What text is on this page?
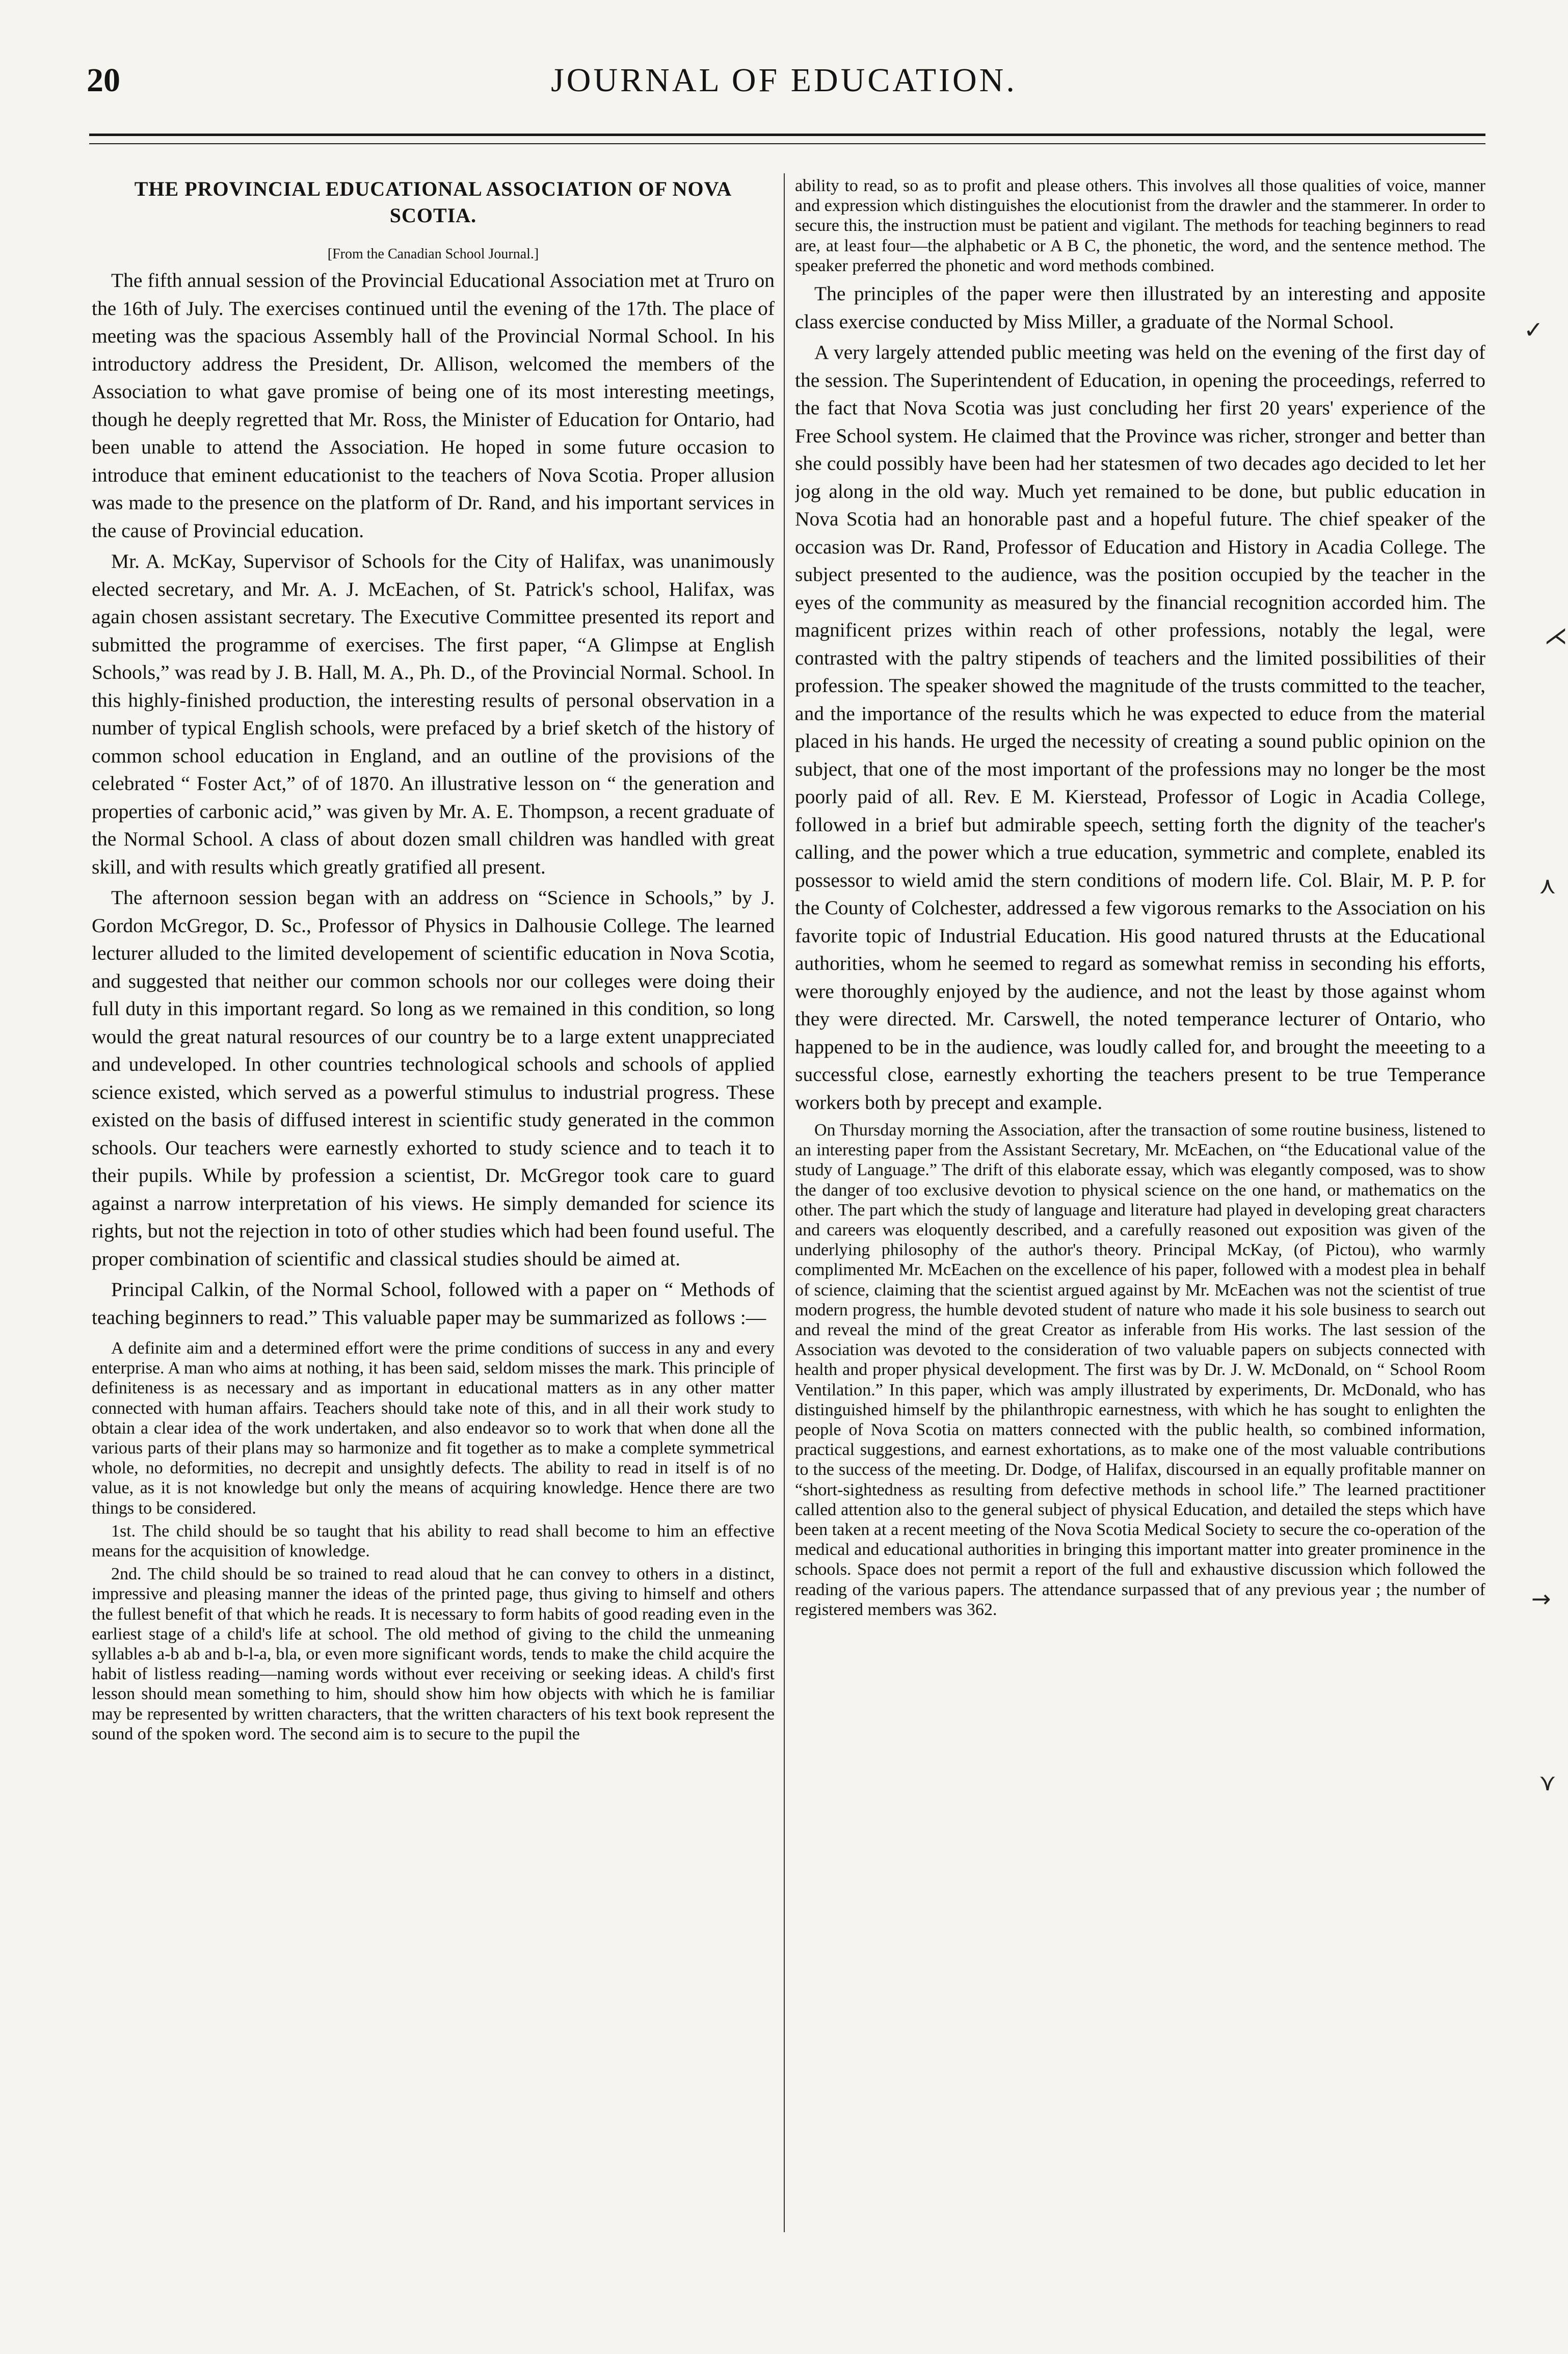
20	JOURNAL OF EDUCATION.
THE PROVINCIAL EDUCATIONAL ASSOCIATION OF NOVA SCOTIA.
[From the Canadian School Journal.]

The fifth annual session of the Provincial Educational Association met at Truro on the 16th of July. The exercises continued until the evening of the 17th. The place of meeting was the spacious Assembly hall of the Provincial Normal School. In his introductory address the President, Dr. Allison, welcomed the members of the Association to what gave promise of being one of its most interesting meetings, though he deeply regretted that Mr. Ross, the Minister of Education for Ontario, had been unable to attend the Association. He hoped in some future occasion to introduce that eminent educationist to the teachers of Nova Scotia. Proper allusion was made to the presence on the platform of Dr. Rand, and his important services in the cause of Provincial education.

Mr. A. McKay, Supervisor of Schools for the City of Halifax, was unanimously elected secretary, and Mr. A. J. McEachen, of St. Patrick's school, Halifax, was again chosen assistant secretary. The Executive Committee presented its report and submitted the programme of exercises. The first paper, “A Glimpse at English Schools,” was read by J. B. Hall, M. A., Ph. D., of the Provincial Normal. School. In this highly-finished production, the interesting results of personal observation in a number of typical English schools, were prefaced by a brief sketch of the history of common school education in England, and an outline of the provisions of the celebrated “ Foster Act,” of of 1870. An illustrative lesson on “ the generation and properties of carbonic acid,” was given by Mr. A. E. Thompson, a recent graduate of the Normal School. A class of about dozen small children was handled with great skill, and with results which greatly gratified all present.

The afternoon session began with an address on “Science in Schools,” by J. Gordon McGregor, D. Sc., Professor of Physics in Dalhousie College. The learned lecturer alluded to the limited developement of scientific education in Nova Scotia, and suggested that neither our common schools nor our colleges were doing their full duty in this important regard. So long as we remained in this condition, so long would the great natural resources of our country be to a large extent unappreciated and undeveloped. In other countries technological schools and schools of applied science existed, which served as a powerful stimulus to industrial progress. These existed on the basis of diffused interest in scientific study generated in the common schools. Our teachers were earnestly exhorted to study science and to teach it to their pupils. While by profession a scientist, Dr. McGregor took care to guard against a narrow interpretation of his views. He simply demanded for science its rights, but not the rejection in toto of other studies which had been found useful. The proper combination of scientific and classical studies should be aimed at.

Principal Calkin, of the Normal School, followed with a paper on “ Methods of teaching beginners to read.” This valuable paper may be summarized as follows :—

A definite aim and a determined effort were the prime conditions of success in any and every enterprise. A man who aims at nothing, it has been said, seldom misses the mark. This principle of definiteness is as necessary and as important in educational matters as in any other matter connected with human affairs. Teachers should take note of this, and in all their work study to obtain a clear idea of the work undertaken, and also endeavor so to work that when done all the various parts of their plans may so harmonize and fit together as to make a complete symmetrical whole, no deformities, no decrepit and unsightly defects. The ability to read in itself is of no value, as it is not knowledge but only the means of acquiring knowledge. Hence there are two things to be considered.

1st. The child should be so taught that his ability to read shall become to him an effective means for the acquisition of knowledge.

2nd. The child should be so trained to read aloud that he can convey to others in a distinct, impressive and pleasing manner the ideas of the printed page, thus giving to himself and others the fullest benefit of that which he reads. It is necessary to form habits of good reading even in the earliest stage of a child's life at school. The old method of giving to the child the unmeaning syllables a-b ab and b-l-a, bla, or even more significant words, tends to make the child acquire the habit of listless reading—naming words without ever receiving or seeking ideas. A child's first lesson should mean something to him, should show him how objects with which he is familiar may be represented by written characters, that the written characters of his text book represent the sound of the spoken word. The second aim is to secure to the pupil the

ability to read, so as to profit and please others. This involves all those qualities of voice, manner and expression which distinguishes the elocutionist from the drawler and the stammerer. In order to secure this, the instruction must be patient and vigilant. The methods for teaching beginners to read are, at least four—the alphabetic or A B C, the phonetic, the word, and the sentence method. The speaker preferred the phonetic and word methods combined.

The principles of the paper were then illustrated by an interesting and apposite class exercise conducted by Miss Miller, a graduate of the Normal School.

A very largely attended public meeting was held on the evening of the first day of the session. The Superintendent of Education, in opening the proceedings, referred to the fact that Nova Scotia was just concluding her first 20 years' experience of the Free School system. He claimed that the Province was richer, stronger and better than she could possibly have been had her statesmen of two decades ago decided to let her jog along in the old way. Much yet remained to be done, but public education in Nova Scotia had an honorable past and a hopeful future. The chief speaker of the occasion was Dr. Rand, Professor of Education and History in Acadia College. The subject presented to the audience, was the position occupied by the teacher in the eyes of the community as measured by the financial recognition accorded him. The magnificent prizes within reach of other professions, notably the legal, were contrasted with the paltry stipends of teachers and the limited possibilities of their profession. The speaker showed the magnitude of the trusts committed to the teacher, and the importance of the results which he was expected to educe from the material placed in his hands. He urged the necessity of creating a sound public opinion on the subject, that one of the most important of the professions may no longer be the most poorly paid of all. Rev. E M. Kierstead, Professor of Logic in Acadia College, followed in a brief but admirable speech, setting forth the dignity of the teacher's calling, and the power which a true education, symmetric and complete, enabled its possessor to wield amid the stern conditions of modern life. Col. Blair, M. P. P. for the County of Colchester, addressed a few vigorous remarks to the Association on his favorite topic of Industrial Education. His good natured thrusts at the Educational authorities, whom he seemed to regard as somewhat remiss in seconding his efforts, were thoroughly enjoyed by the audience, and not the least by those against whom they were directed. Mr. Carswell, the noted temperance lecturer of Ontario, who happened to be in the audience, was loudly called for, and brought the meeeting to a successful close, earnestly exhorting the teachers present to be true Temperance workers both by precept and example.

On Thursday morning the Association, after the transaction of some routine business, listened to an interesting paper from the Assistant Secretary, Mr. McEachen, on “the Educational value of the study of Language.” The drift of this elaborate essay, which was elegantly composed, was to show the danger of too exclusive devotion to physical science on the one hand, or mathematics on the other. The part which the study of language and literature had played in developing great characters and careers was eloquently described, and a carefully reasoned out exposition was given of the underlying philosophy of the author's theory. Principal McKay, (of Pictou), who warmly complimented Mr. McEachen on the excellence of his paper, followed with a modest plea in behalf of science, claiming that the scientist argued against by Mr. McEachen was not the scientist of true modern progress, the humble devoted student of nature who made it his sole business to search out and reveal the mind of the great Creator as inferable from His works. The last session of the Association was devoted to the consideration of two valuable papers on subjects connected with health and proper physical development. The first was by Dr. J. W. McDonald, on “ School Room Ventilation.” In this paper, which was amply illustrated by experiments, Dr. McDonald, who has distinguished himself by the philanthropic earnestness, with which he has sought to enlighten the people of Nova Scotia on matters connected with the public health, so combined information, practical suggestions, and earnest exhortations, as to make one of the most valuable contributions to the success of the meeting. Dr. Dodge, of Halifax, discoursed in an equally profitable manner on “short-sightedness as resulting from defective methods in school life.” The learned practitioner called attention also to the general subject of physical Education, and detailed the steps which have been taken at a recent meeting of the Nova Scotia Medical Society to secure the co-operation of the medical and educational authorities in bringing this important matter into greater prominence in the schools. Space does not permit a report of the full and exhaustive discussion which followed the reading of the various papers. The attendance surpassed that of any previous year ; the number of registered members was 362.

✓
⋌
⋏
→
⋎
